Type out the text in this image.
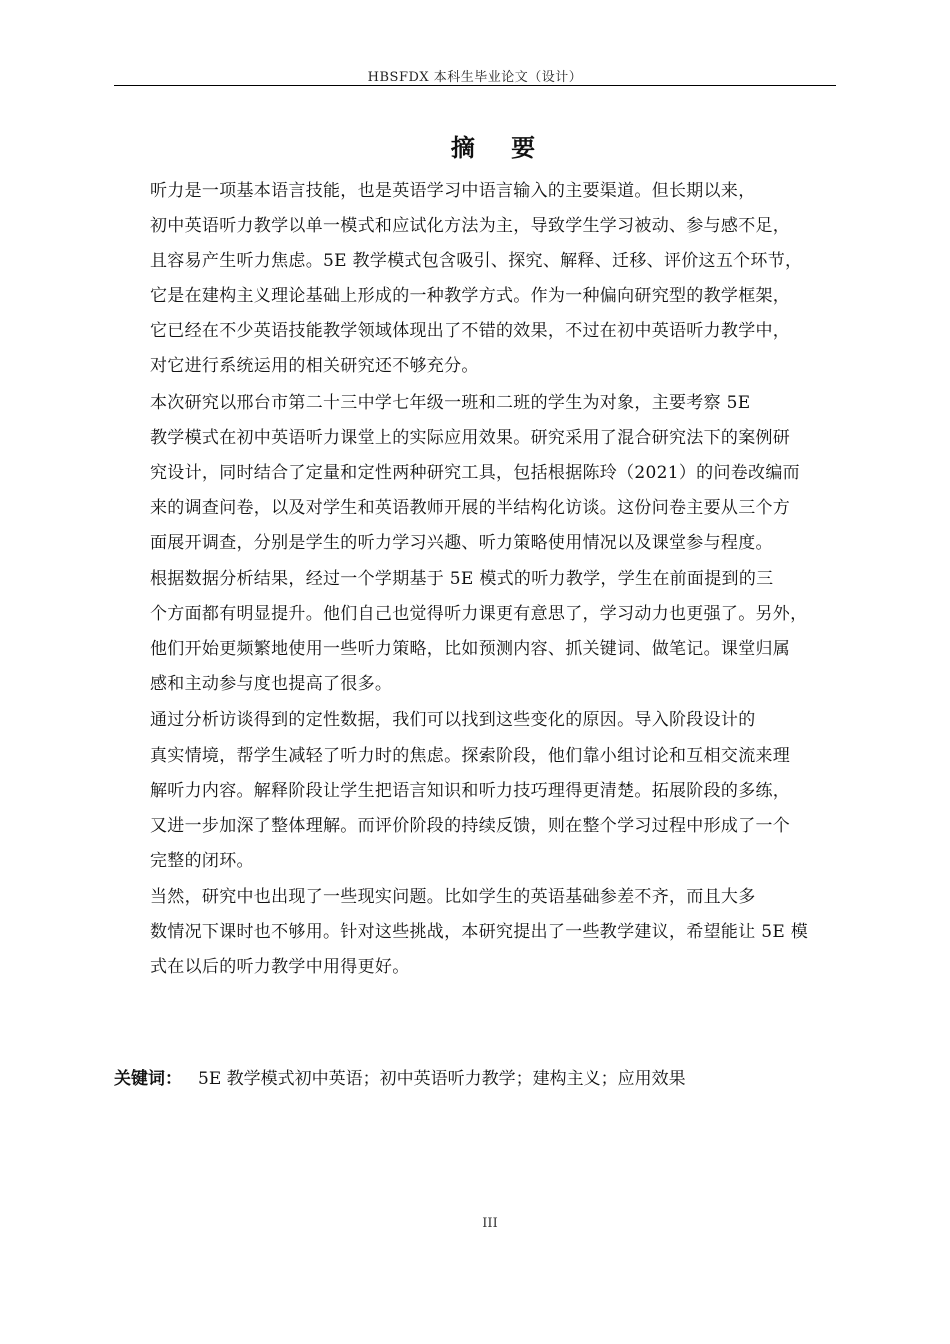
HBSFDX 本科生毕业论文（设计）
摘 要

听力是一项基本语言技能，也是英语学习中语言输入的主要渠道。但长期以来，
初中英语听力教学以单一模式和应试化方法为主，导致学生学习被动、参与感不足，
且容易产生听力焦虑。5E 教学模式包含吸引、探究、解释、迁移、评价这五个环节，
它是在建构主义理论基础上形成的一种教学方式。作为一种偏向研究型的教学框架，
它已经在不少英语技能教学领域体现出了不错的效果，不过在初中英语听力教学中，
对它进行系统运用的相关研究还不够充分。

本次研究以邢台市第二十三中学七年级一班和二班的学生为对象，主要考察 5E
教学模式在初中英语听力课堂上的实际应用效果。研究采用了混合研究法下的案例研
究设计，同时结合了定量和定性两种研究工具，包括根据陈玲（2021）的问卷改编而
来的调查问卷，以及对学生和英语教师开展的半结构化访谈。这份问卷主要从三个方
面展开调查，分别是学生的听力学习兴趣、听力策略使用情况以及课堂参与程度。

根据数据分析结果，经过一个学期基于 5E 模式的听力教学，学生在前面提到的三
个方面都有明显提升。他们自己也觉得听力课更有意思了，学习动力也更强了。另外，
他们开始更频繁地使用一些听力策略，比如预测内容、抓关键词、做笔记。课堂归属
感和主动参与度也提高了很多。

通过分析访谈得到的定性数据，我们可以找到这些变化的原因。导入阶段设计的
真实情境，帮学生减轻了听力时的焦虑。探索阶段，他们靠小组讨论和互相交流来理
解听力内容。解释阶段让学生把语言知识和听力技巧理得更清楚。拓展阶段的多练，
又进一步加深了整体理解。而评价阶段的持续反馈，则在整个学习过程中形成了一个
完整的闭环。

当然，研究中也出现了一些现实问题。比如学生的英语基础参差不齐，而且大多
数情况下课时也不够用。针对这些挑战，本研究提出了一些教学建议，希望能让 5E 模
式在以后的听力教学中用得更好。

关键词： 5E 教学模式初中英语；初中英语听力教学；建构主义；应用效果
III
